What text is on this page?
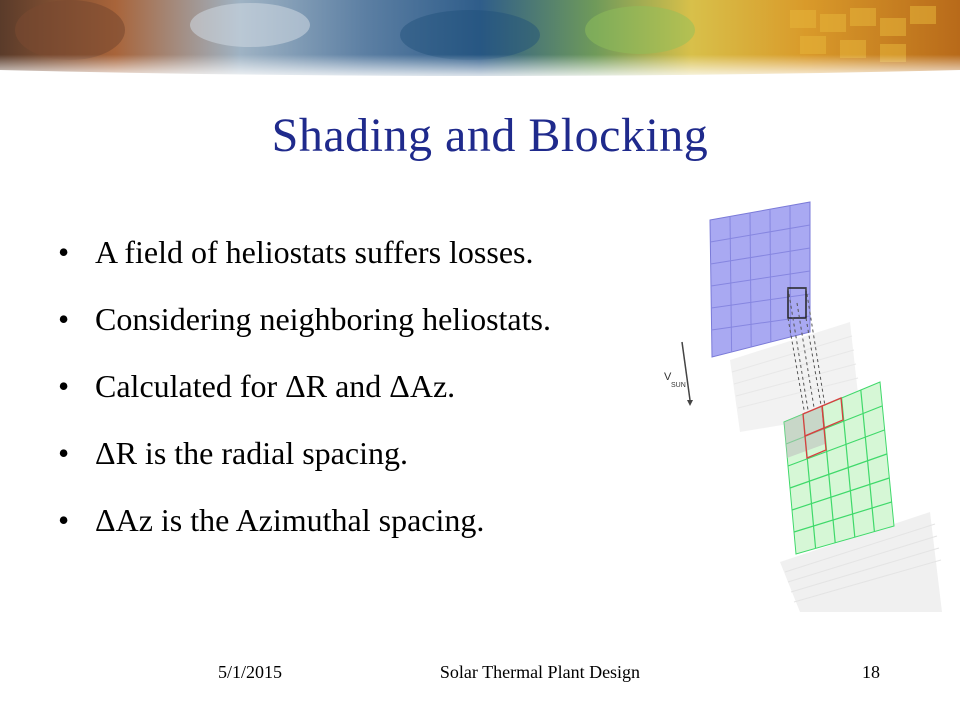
Shading and Blocking
• A field of heliostats suffers losses.
• Considering neighboring heliostats.
• Calculated for ΔR and ΔAz.
• ΔR is the radial spacing.
• ΔAz is the Azimuthal spacing.
V
SUN
5/1/2015	Solar Thermal Plant Design	18
